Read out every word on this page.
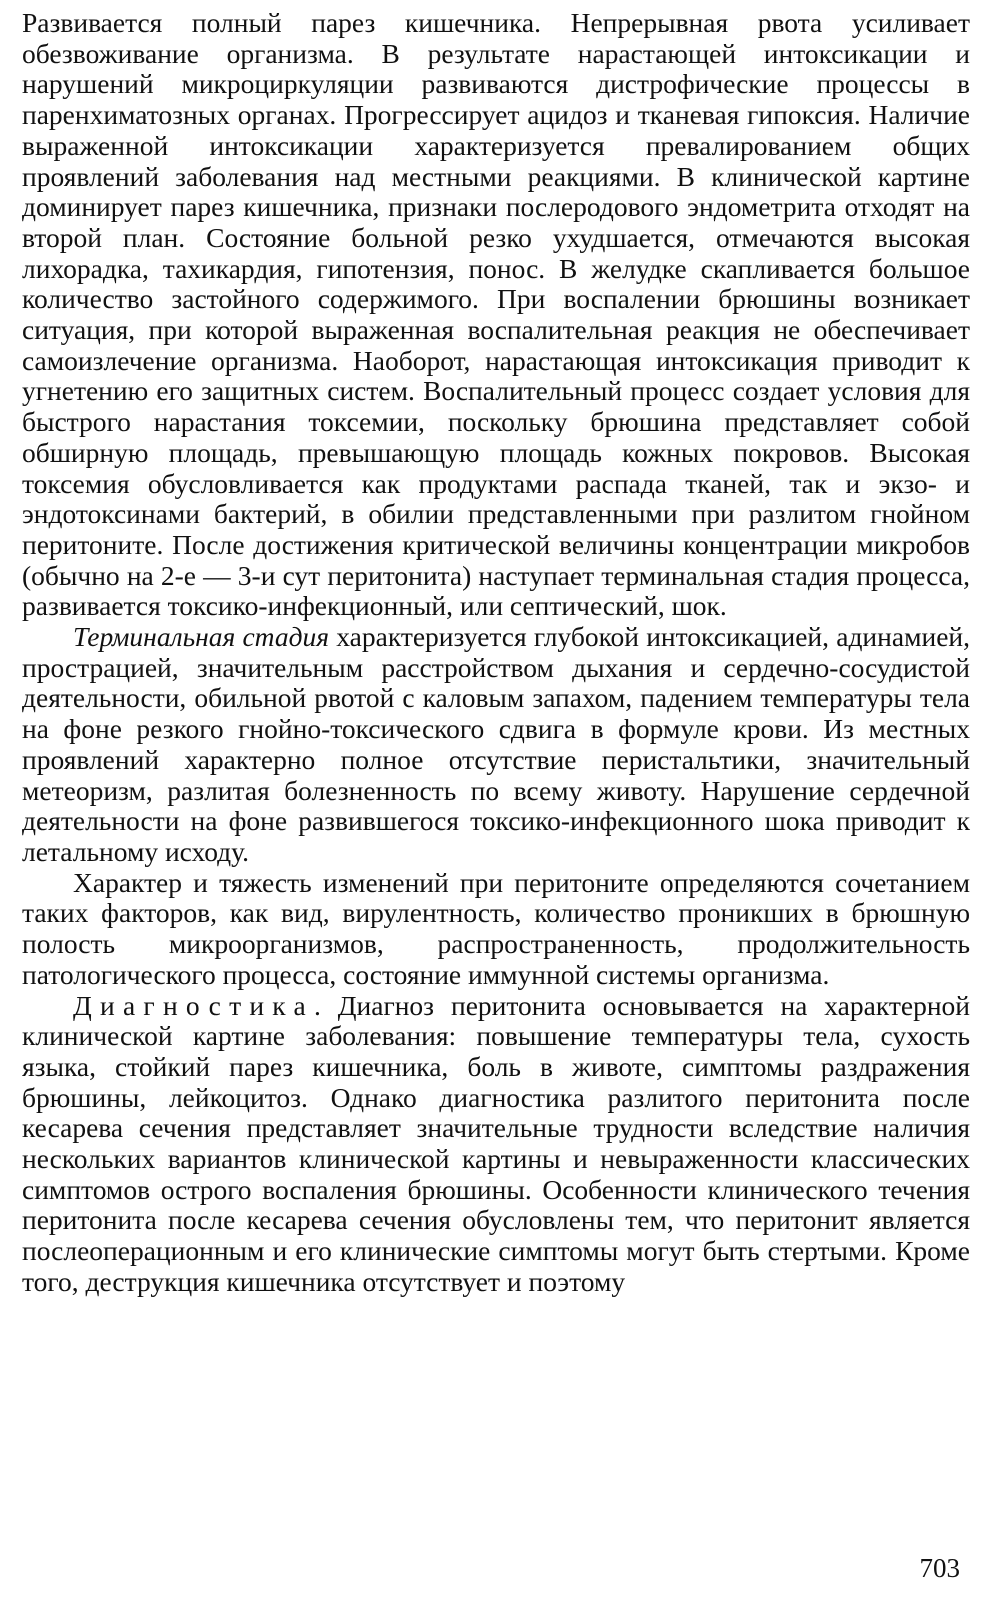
Развивается полный парез кишечника. Непрерывная рвота усиливает обезвоживание организма. В результате нарастающей интоксикации и нарушений микроциркуляции развиваются дистрофические процессы в паренхиматозных органах. Прогрессирует ацидоз и тканевая гипоксия. Наличие выраженной интоксикации характеризуется превалированием общих проявлений заболевания над местными реакциями. В клинической картине доминирует парез кишечника, признаки послеродового эндометрита отходят на второй план. Состояние больной резко ухудшается, отмечаются высокая лихорадка, тахикардия, гипотензия, понос. В желудке скапливается большое количество застойного содержимого. При воспалении брюшины возникает ситуация, при которой выраженная воспалительная реакция не обеспечивает самоизлечение организма. Наоборот, нарастающая интоксикация приводит к угнетению его защитных систем. Воспалительный процесс создает условия для быстрого нарастания токсемии, поскольку брюшина представляет собой обширную площадь, превышающую площадь кожных покровов. Высокая токсемия обусловливается как продуктами распада тканей, так и экзо- и эндотоксинами бактерий, в обилии представленными при разлитом гнойном перитоните. После достижения критической величины концентрации микробов (обычно на 2-е — 3-и сут перитонита) наступает терминальная стадия процесса, развивается токсико-инфекционный, или септический, шок.

Терминальная стадия характеризуется глубокой интоксикацией, адинамией, прострацией, значительным расстройством дыхания и сердечно-сосудистой деятельности, обильной рвотой с каловым запахом, падением температуры тела на фоне резкого гнойно-токсического сдвига в формуле крови. Из местных проявлений характерно полное отсутствие перистальтики, значительный метеоризм, разлитая болезненность по всему животу. Нарушение сердечной деятельности на фоне развившегося токсико-инфекционного шока приводит к летальному исходу.

Характер и тяжесть изменений при перитоните определяются сочетанием таких факторов, как вид, вирулентность, количество проникших в брюшную полость микроорганизмов, распространенность, продолжительность патологического процесса, состояние иммунной системы организма.

Диагностика. Диагноз перитонита основывается на характерной клинической картине заболевания: повышение температуры тела, сухость языка, стойкий парез кишечника, боль в животе, симптомы раздражения брюшины, лейкоцитоз. Однако диагностика разлитого перитонита после кесарева сечения представляет значительные трудности вследствие наличия нескольких вариантов клинической картины и невыраженности классических симптомов острого воспаления брюшины. Особенности клинического течения перитонита после кесарева сечения обусловлены тем, что перитонит является послеоперационным и его клинические симптомы могут быть стертыми. Кроме того, деструкция кишечника отсутствует и поэтому

703
